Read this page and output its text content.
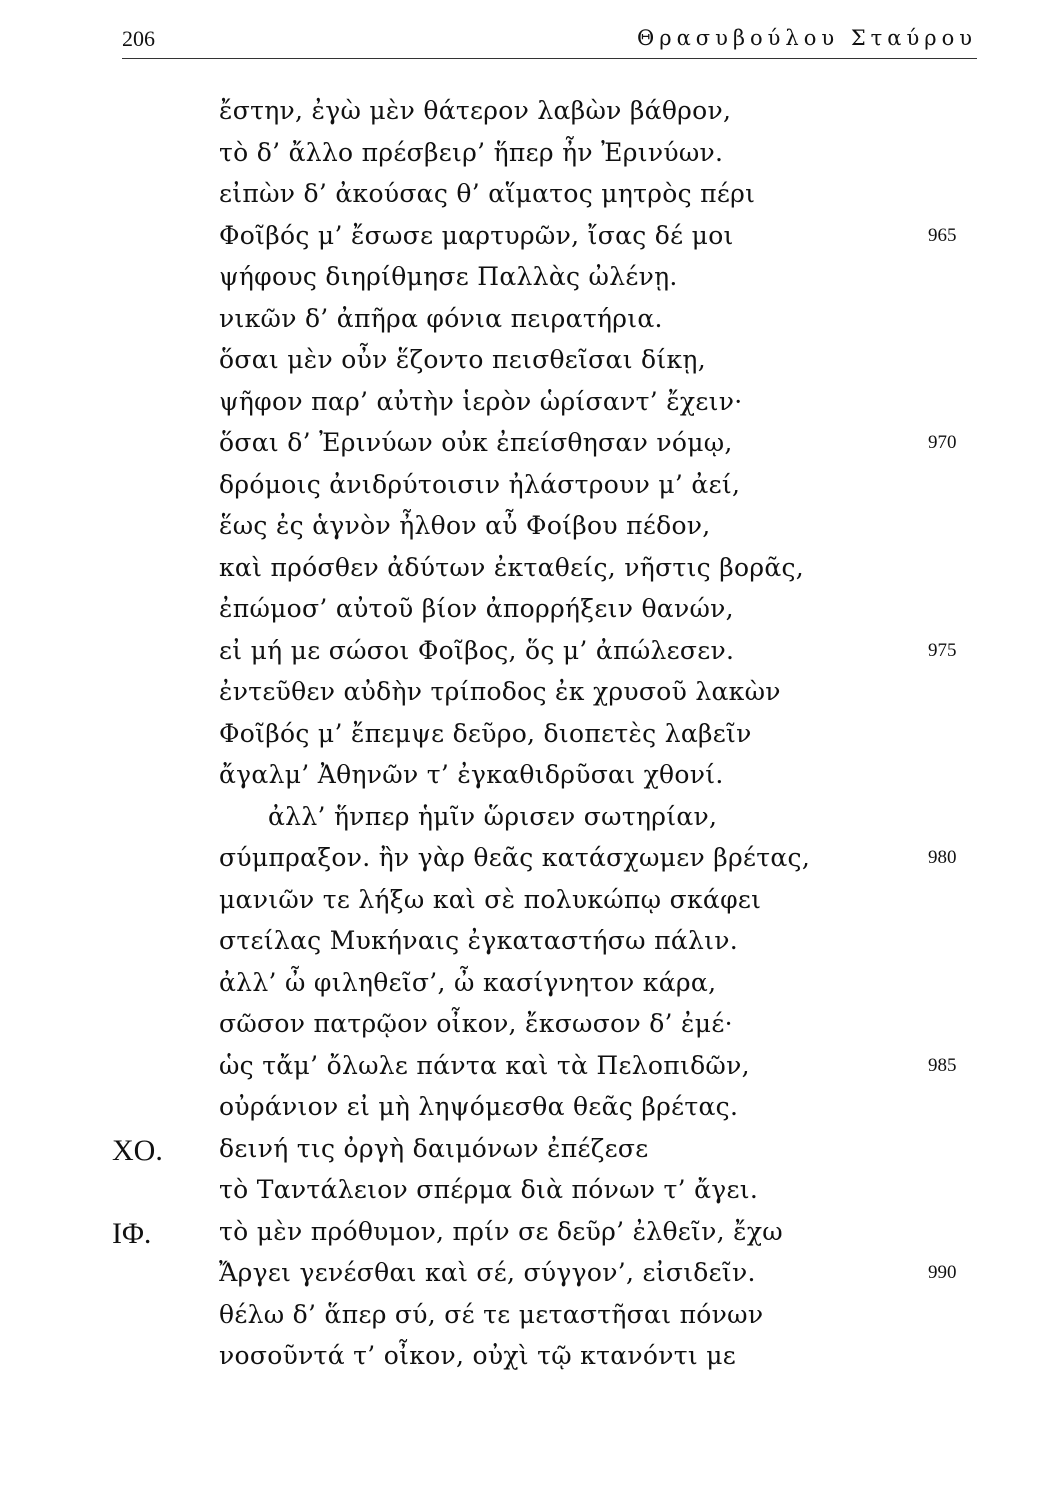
206	Θρασυβούλου Σταύρου
ἔστην, ἐγὼ μὲν θάτερον λαβὼν βάθρον,
τὸ δ’ ἄλλο πρέσβειρ’ ἥπερ ἦν Ἐρινύων.
εἰπὼν δ’ ἀκούσας θ’ αἵματος μητρὸς πέρι
Φοῖβός μ’ ἔσωσε μαρτυρῶν, ἴσας δέ μοι	965
ψήφους διηρίθμησε Παλλὰς ὠλένῃ.
νικῶν δ’ ἀπῆρα φόνια πειρατήρια.
ὅσαι μὲν οὖν ἕζοντο πεισθεῖσαι δίκῃ,
ψῆφον παρ’ αὐτὴν ἱερὸν ὡρίσαντ’ ἔχειν·
ὅσαι δ’ Ἐρινύων οὐκ ἐπείσθησαν νόμῳ,	970
δρόμοις ἀνιδρύτοισιν ἠλάστρουν μ’ ἀεί,
ἕως ἐς ἁγνὸν ἦλθον αὖ Φοίβου πέδον,
καὶ πρόσθεν ἀδύτων ἐκταθείς, νῆστις βορᾶς,
ἐπώμοσ’ αὐτοῦ βίον ἀπορρήξειν θανών,
εἰ μή με σώσοι Φοῖβος, ὅς μ’ ἀπώλεσεν.	975
ἐντεῦθεν αὐδὴν τρίποδος ἐκ χρυσοῦ λακὼν
Φοῖβός μ’ ἔπεμψε δεῦρο, διοπετὲς λαβεῖν
ἄγαλμ’ Ἀθηνῶν τ’ ἐγκαθιδρῦσαι χθονί.
ἀλλ’ ἥνπερ ἡμῖν ὥρισεν σωτηρίαν,
σύμπραξον. ἢν γὰρ θεᾶς κατάσχωμεν βρέτας,	980
μανιῶν τε λήξω καὶ σὲ πολυκώπῳ σκάφει
στείλας Μυκήναις ἐγκαταστήσω πάλιν.
ἀλλ’ ὦ φιληθεῖσ’, ὦ κασίγνητον κάρα,
σῶσον πατρῷον οἶκον, ἔκσωσον δ’ ἐμέ·
ὡς τἄμ’ ὄλωλε πάντα καὶ τὰ Πελοπιδῶν,	985
οὐράνιον εἰ μὴ ληψόμεσθα θεᾶς βρέτας.
ΧΟ. δεινή τις ὀργὴ δαιμόνων ἐπέζεσε
τὸ Ταντάλειον σπέρμα διὰ πόνων τ’ ἄγει.
ΙΦ.	τὸ μὲν πρόθυμον, πρίν σε δεῦρ’ ἐλθεῖν, ἔχω
Ἄργει γενέσθαι καὶ σέ, σύγγον’, εἰσιδεῖν.	990
θέλω δ’ ἅπερ σύ, σέ τε μεταστῆσαι πόνων
νοσοῦντά τ’ οἶκον, οὐχὶ τῷ κτανόντι με
